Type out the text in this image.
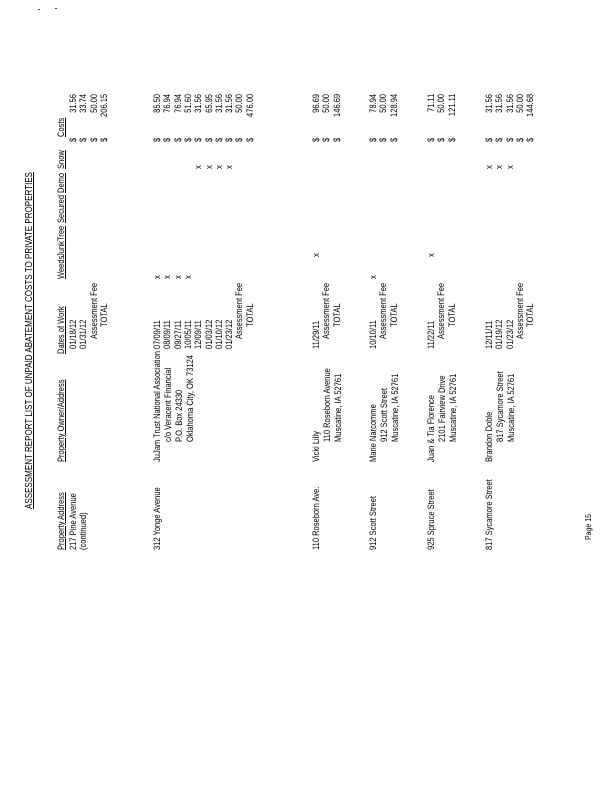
ASSESSMENT REPORT LIST OF UNPAID ABATEMENT COSTS TO PRIVATE PROPERTIES
Property Address
Property Owner/Address
Dates of Work
Weeds
Junk
Tree
Secured
Demo
Snow
Costs
217 Pine Avenue (continued)
01/18/12
$
31.56
01/31/12
$
33.74
Assessment Fee
$
50.00
TOTAL
$
206.15
312 Yonge Avenue
JuJam Trust National Association c/o Veracent Financial P.O. Box 24330 Oklahoma City, OK 73124
07/09/11
x
$
85.50
08/09/11
x
$
76.94
09/27/11
x
$
76.94
10/05/11
x
$
51.60
12/09/11
x
$
31.56
01/03/12
x
$
65.95
01/10/12
x
$
31.56
01/23/12
x
$
31.56
Assessment Fee
$
50.00
TOTAL
$
476.00
110 Roseborn Ave.
Vicki Lilly
110 Roseborn Avenue Muscatine, IA 52761
11/29/11
x
$
96.69
Assessment Fee
$
50.00
TOTAL
$
146.69
912 Scott Street
Marie Narcomme 912 Scott Street Muscatine, IA 52761
10/10/11
x
$
78.94
Assessment Fee
$
50.00
TOTAL
$
128.94
925 Spruce Street
Juan & Tia Florence 2101 Fairview Drive Muscatine, IA 52761
11/22/11
x
$
71.11
Assessment Fee
$
50.00
TOTAL
$
121.11
817 Sycamore Street
Brandon Doble 817 Sycamore Street Muscatine, IA 52761
12/11/11
x
$
31.56
01/19/12
x
$
31.56
01/23/12
x
$
31.56
Assessment Fee
$
50.00
TOTAL
$
144.68
Page 15
